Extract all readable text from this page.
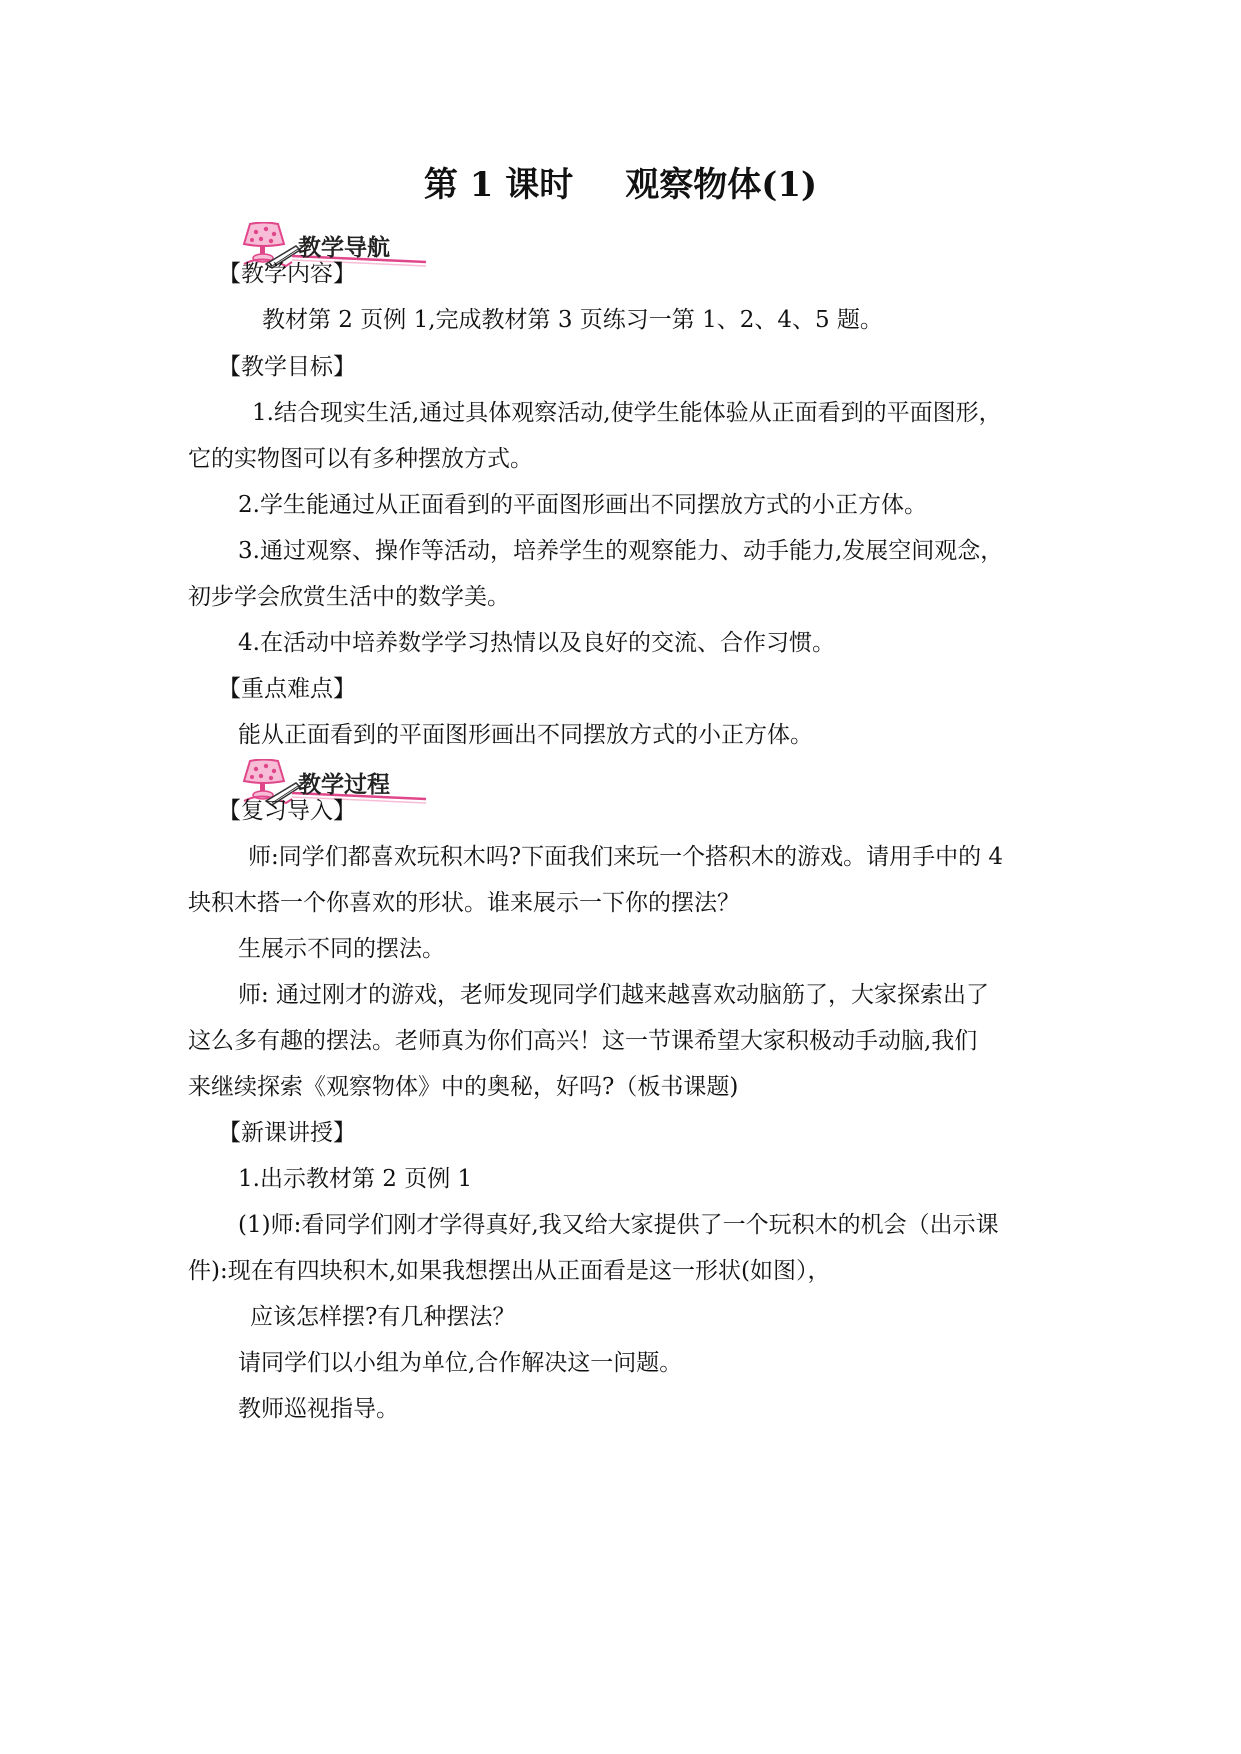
第 1 课时 观察物体(1)
教学导航
【教学内容】
教材第 2 页例 1,完成教材第 3 页练习一第 1、2、4、5 题。
【教学目标】
1.结合现实生活,通过具体观察活动,使学生能体验从正面看到的平面图形，
它的实物图可以有多种摆放方式。
2.学生能通过从正面看到的平面图形画出不同摆放方式的小正方体。
3.通过观察、操作等活动，培养学生的观察能力、动手能力,发展空间观念，
初步学会欣赏生活中的数学美。
4.在活动中培养数学学习热情以及良好的交流、合作习惯。
【重点难点】
能从正面看到的平面图形画出不同摆放方式的小正方体。
教学过程
【复习导入】
师:同学们都喜欢玩积木吗?下面我们来玩一个搭积木的游戏。请用手中的 4
块积木搭一个你喜欢的形状。谁来展示一下你的摆法？
生展示不同的摆法。
师: 通过刚才的游戏，老师发现同学们越来越喜欢动脑筋了，大家探索出了
这么多有趣的摆法。老师真为你们高兴！这一节课希望大家积极动手动脑,我们
来继续探索《观察物体》中的奥秘，好吗?（板书课题)
【新课讲授】
1.出示教材第 2 页例 1
(1)师:看同学们刚才学得真好,我又给大家提供了一个玩积木的机会（出示课
件):现在有四块积木,如果我想摆出从正面看是这一形状(如图），
应该怎样摆?有几种摆法？
请同学们以小组为单位,合作解决这一问题。
教师巡视指导。
